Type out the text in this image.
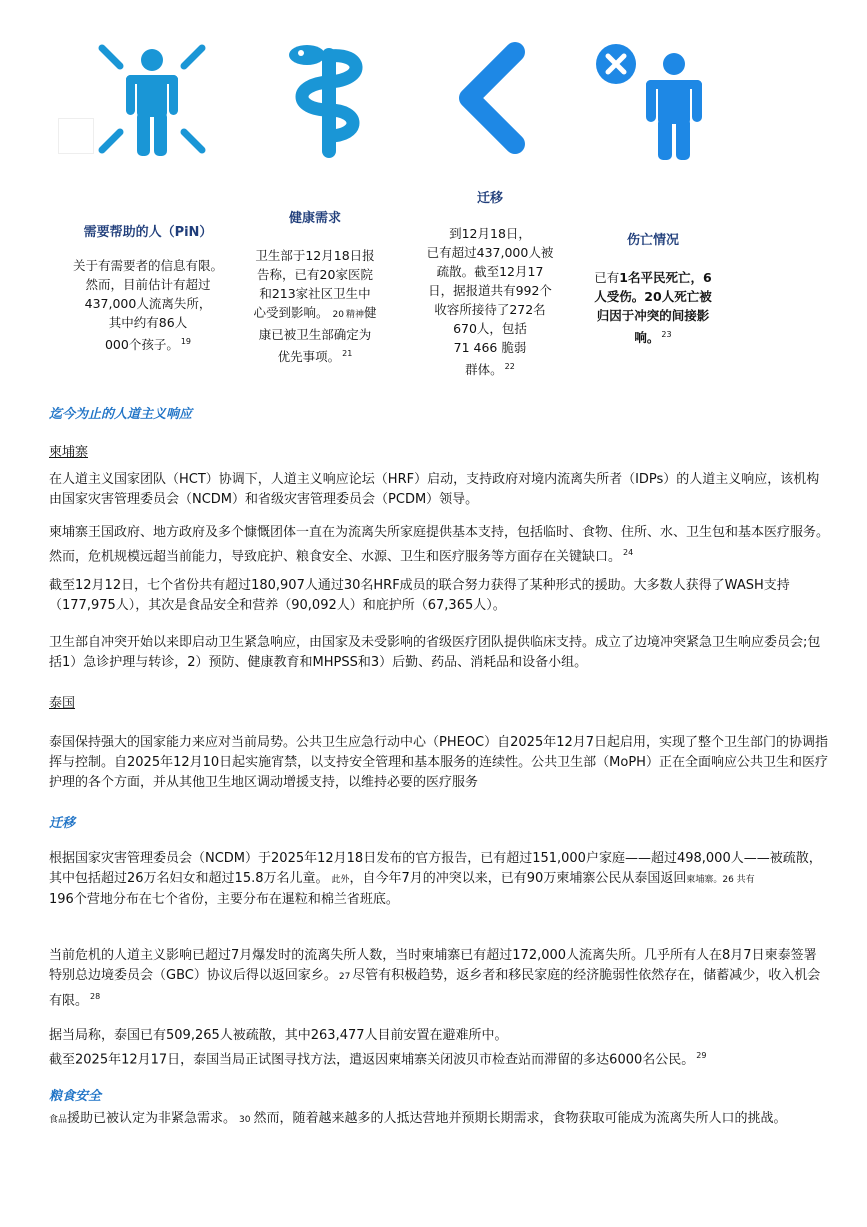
需要帮助的人（PiN）
关于有需要者的信息有限。
然而，目前估计有超过
437,000人流离失所，
其中约有86人
000个孩子。 $^{19}$
健康需求
卫生部于12月18日报
告称，已有20家医院
和213家社区卫生中
心受到影响。 20 精神健
康已被卫生部确定为
优先事项。 $^{21}$
迁移
到12月18日，
已有超过437,000人被
疏散。截至12月17
日，据报道共有992个
收容所接待了272名
670人，包括
71 466 脆弱
群体。 $^{22}$
伤亡情况
已有1名平民死亡，6
人受伤。20人死亡被
归因于冲突的间接影
响。 $^{23}$
迄今为止的人道主义响应
柬埔寨

在人道主义国家团队（HCT）协调下，人道主义响应论坛（HRF）启动，支持政府对境内流离失所者（IDPs）的人道主义响应，该机构由国家灾害管理委员会（NCDM）和省级灾害管理委员会（PCDM）领导。

柬埔寨王国政府、地方政府及多个慷慨团体一直在为流离失所家庭提供基本支持，包括临时、食物、住所、水、卫生包和基本医疗服务。然而，危机规模远超当前能力，导致庇护、粮食安全、水源、卫生和医疗服务等方面存在关键缺口。 $^{24}$

截至12月12日，七个省份共有超过180,907人通过30名HRF成员的联合努力获得了某种形式的援助。大多数人获得了WASH支持（177,975人），其次是食品安全和营养（90,092人）和庇护所（67,365人）。

卫生部自冲突开始以来即启动卫生紧急响应，由国家及未受影响的省级医疗团队提供临床支持。成立了边境冲突紧急卫生响应委员会;包括1）急诊护理与转诊，2）预防、健康教育和MHPSS和3）后勤、药品、消耗品和设备小组。

泰国

泰国保持强大的国家能力来应对当前局势。公共卫生应急行动中心（PHEOC）自2025年12月7日起启用，实现了整个卫生部门的协调指挥与控制。自2025年12月10日起实施宵禁，以支持安全管理和基本服务的连续性。公共卫生部（MoPH）正在全面响应公共卫生和医疗护理的各个方面，并从其他卫生地区调动增援支持，以维持必要的医疗服务

迁移

根据国家灾害管理委员会（NCDM）于2025年12月18日发布的官方报告，已有超过151,000户家庭——超过498,000人——被疏散，

其中包括超过26万名妇女和超过15.8万名儿童。 此外，自今年7月的冲突以来，已有90万柬埔寨公民从泰国返回柬埔寨。26 共有

196个营地分布在七个省份，主要分布在暹粒和棉兰省班底。

当前危机的人道主义影响已超过7月爆发时的流离失所人数，当时柬埔寨已有超过172,000人流离失所。几乎所有人在8月7日柬泰签署特别总边境委员会（GBC）协议后得以返回家乡。 27 尽管有积极趋势，返乡者和移民家庭的经济脆弱性依然存在，储蓄减少，收入机会有限。 $^{28}$

据当局称，泰国已有509,265人被疏散，其中263,477人目前安置在避难所中。

截至2025年12月17日，泰国当局正试图寻找方法，遣返因柬埔寨关闭波贝市检查站而滞留的多达6000名公民。 $^{29}$

粮食安全

食品援助已被认定为非紧急需求。 30 然而，随着越来越多的人抵达营地并预期长期需求，食物获取可能成为流离失所人口的挑战。
